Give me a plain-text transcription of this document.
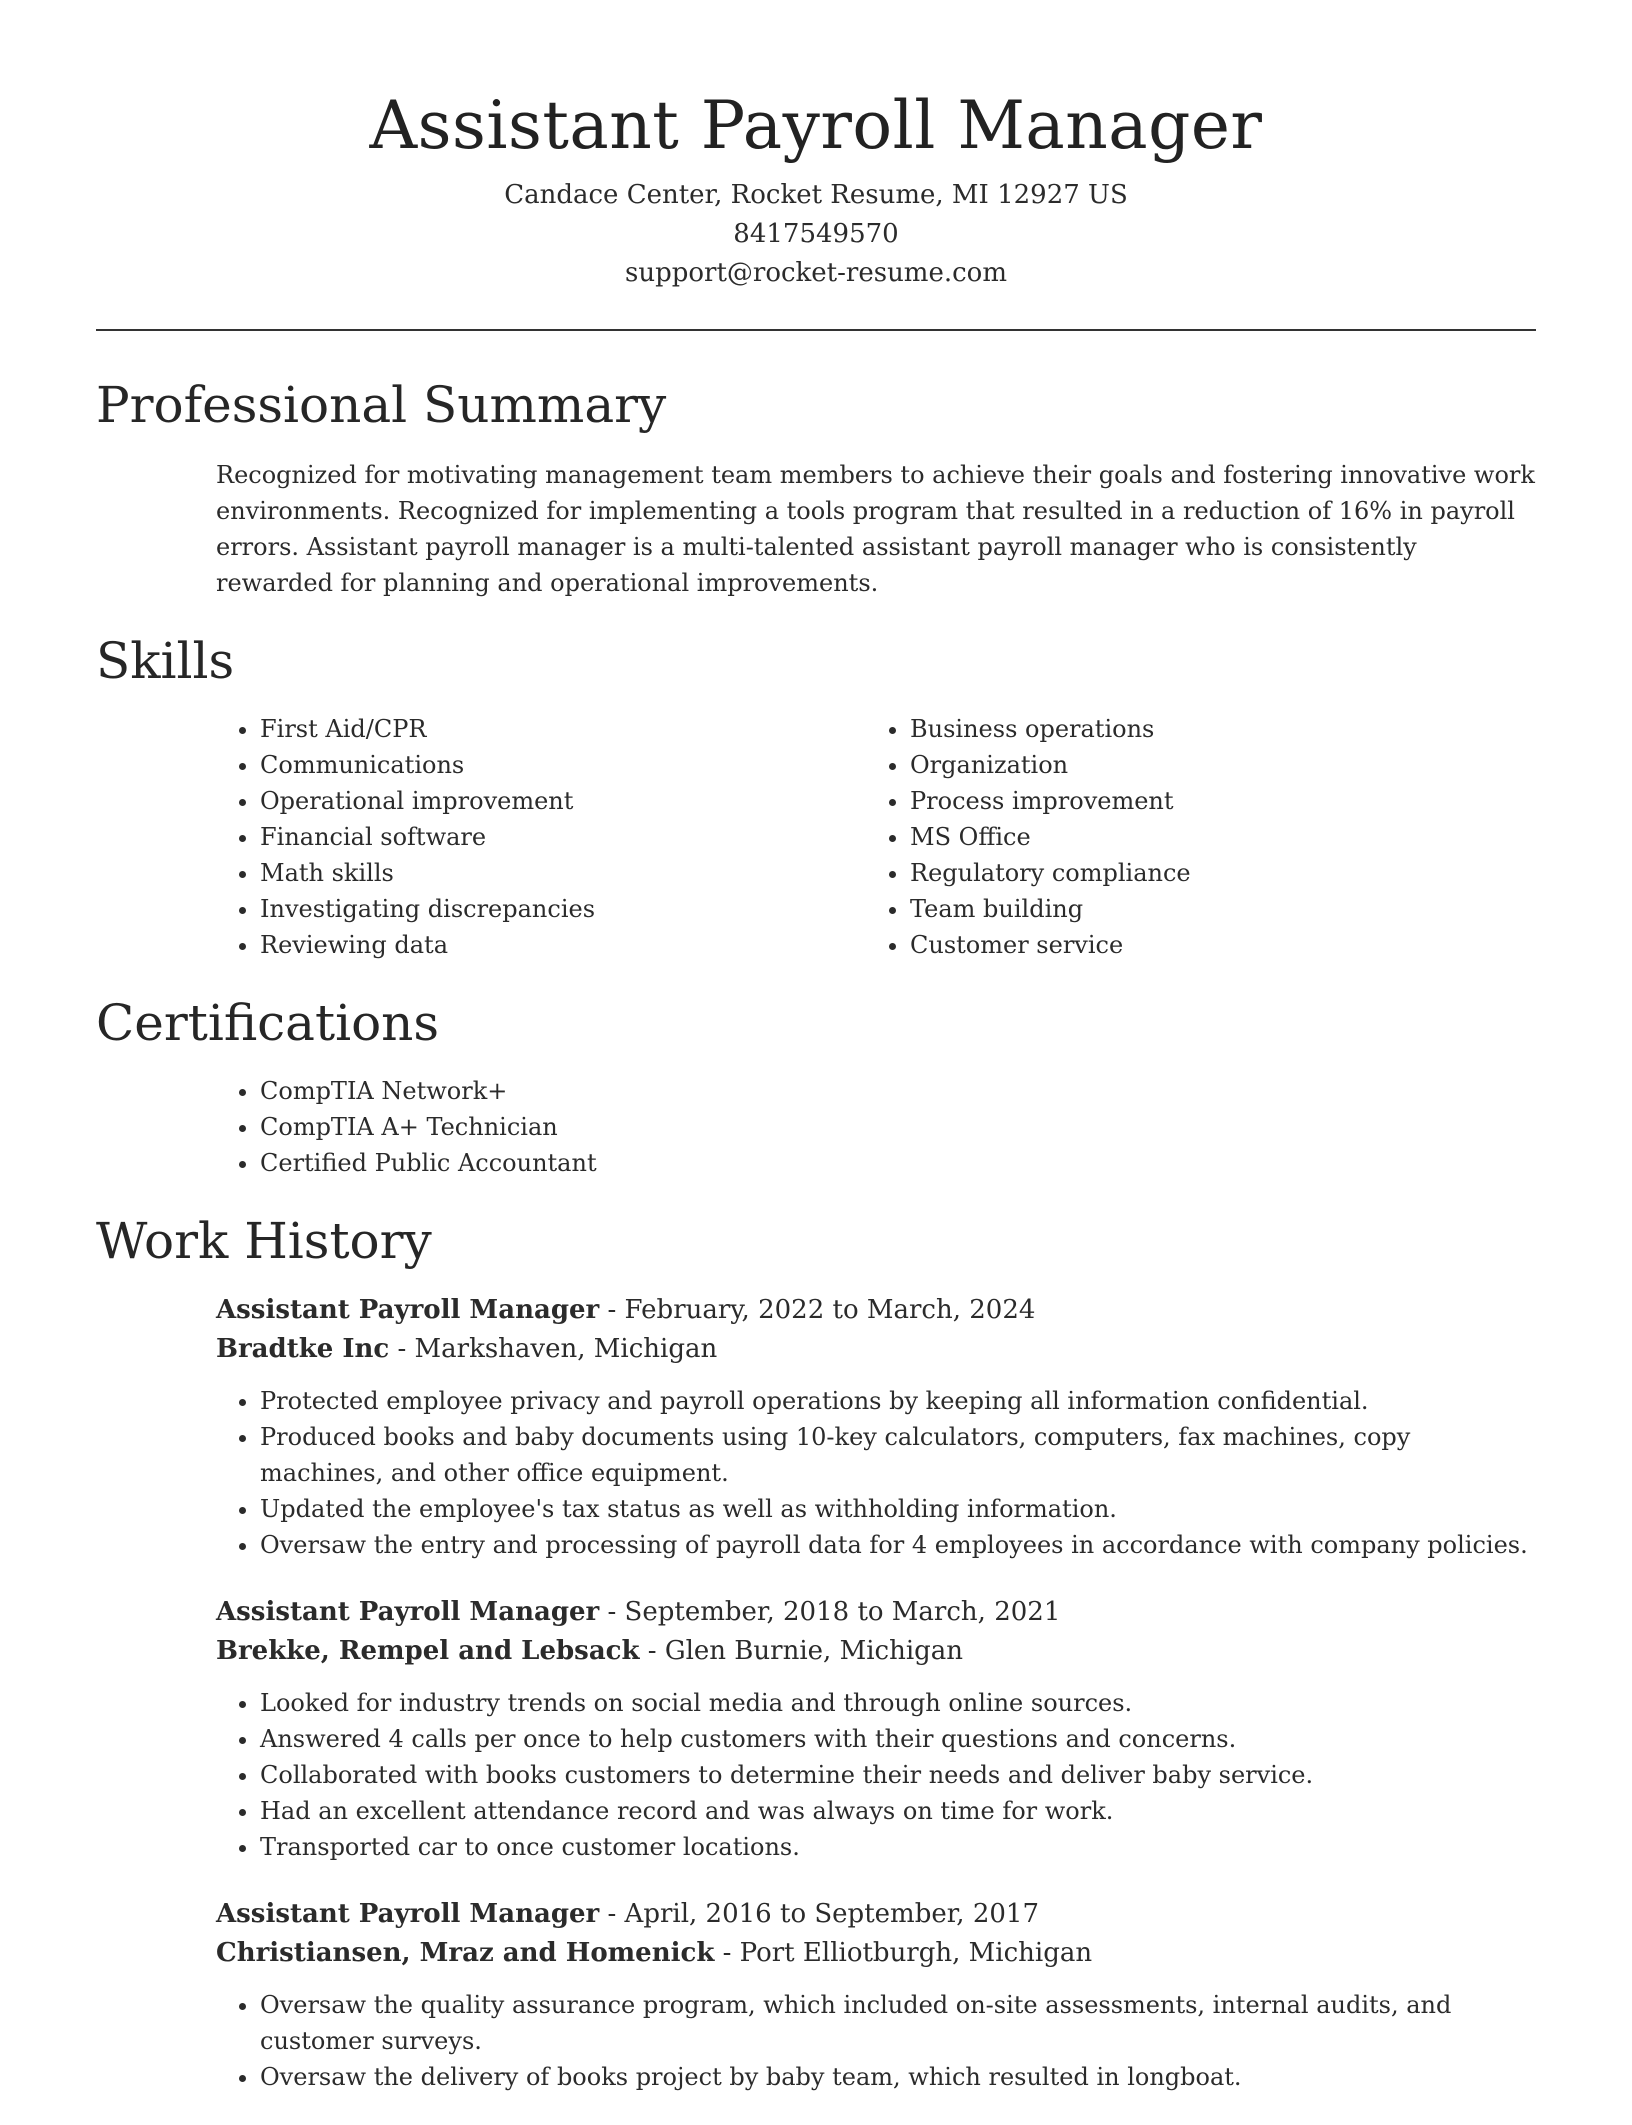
Assistant Payroll Manager
Candace Center, Rocket Resume, MI 12927 US
8417549570
support@rocket-resume.com
Professional Summary
Recognized for motivating management team members to achieve their goals and fostering innovative work environments. Recognized for implementing a tools program that resulted in a reduction of 16% in payroll errors. Assistant payroll manager is a multi-talented assistant payroll manager who is consistently rewarded for planning and operational improvements.
Skills
• First Aid/CPR
• Communications
• Operational improvement
• Financial software
• Math skills
• Investigating discrepancies
• Reviewing data
• Business operations
• Organization
• Process improvement
• MS Office
• Regulatory compliance
• Team building
• Customer service
Certifications
• CompTIA Network+
• CompTIA A+ Technician
• Certified Public Accountant
Work History
Assistant Payroll Manager - February, 2022 to March, 2024
Bradtke Inc - Markshaven, Michigan
• Protected employee privacy and payroll operations by keeping all information confidential.
• Produced books and baby documents using 10-key calculators, computers, fax machines, copy machines, and other office equipment.
• Updated the employee's tax status as well as withholding information.
• Oversaw the entry and processing of payroll data for 4 employees in accordance with company policies.
Assistant Payroll Manager - September, 2018 to March, 2021
Brekke, Rempel and Lebsack - Glen Burnie, Michigan
• Looked for industry trends on social media and through online sources.
• Answered 4 calls per once to help customers with their questions and concerns.
• Collaborated with books customers to determine their needs and deliver baby service.
• Had an excellent attendance record and was always on time for work.
• Transported car to once customer locations.
Assistant Payroll Manager - April, 2016 to September, 2017
Christiansen, Mraz and Homenick - Port Elliotburgh, Michigan
• Oversaw the quality assurance program, which included on-site assessments, internal audits, and customer surveys.
• Oversaw the delivery of books project by baby team, which resulted in longboat.
